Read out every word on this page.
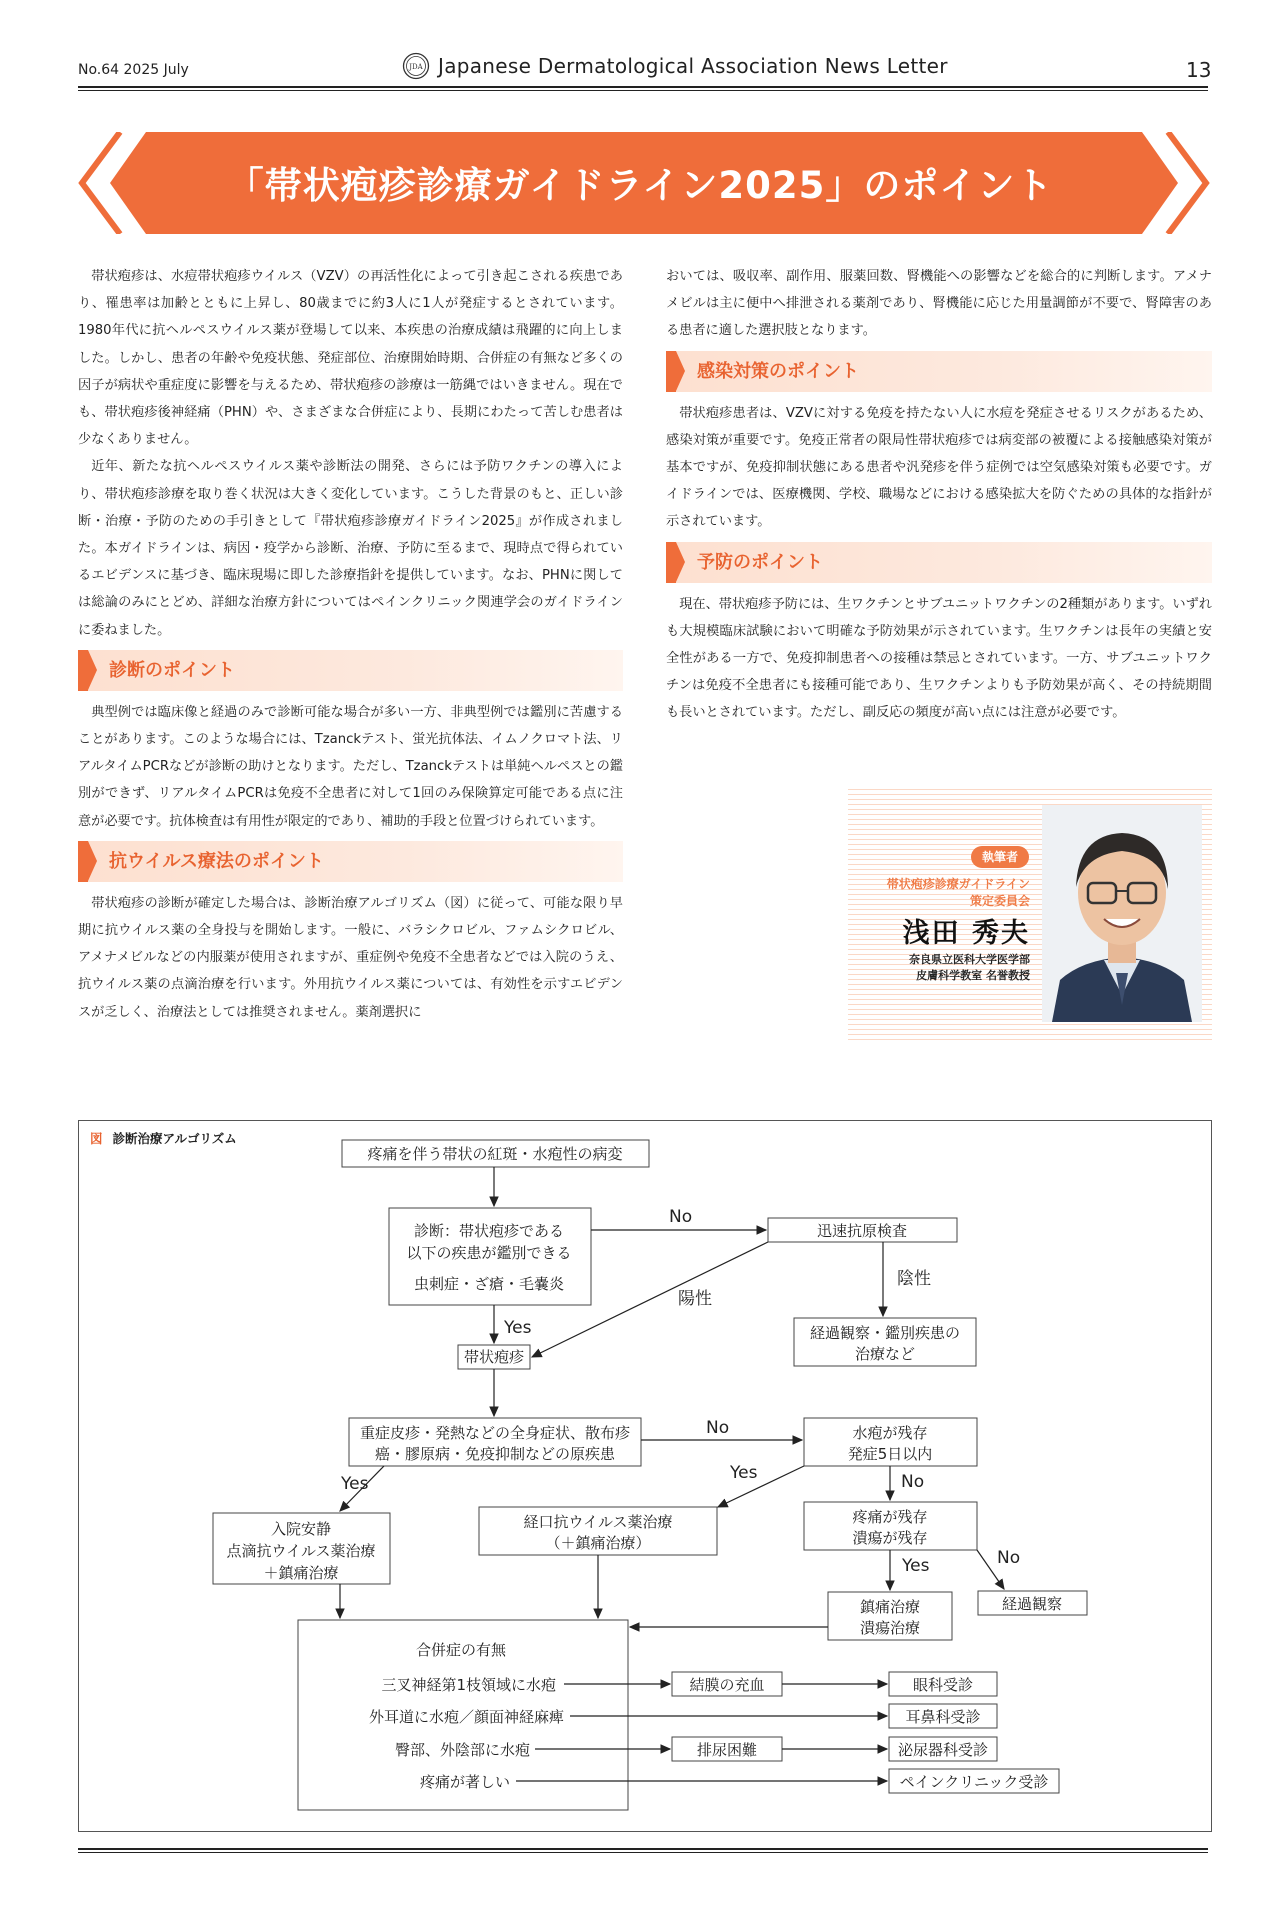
No.64 2025 July	JDA Japanese Dermatological Association News Letter	13
「帯状疱疹診療ガイドライン2025」のポイント

帯状疱疹は、水痘帯状疱疹ウイルス（VZV）の再活性化によって引き起こされる疾患であり、罹患率は加齢とともに上昇し、80歳までに約3人に1人が発症するとされています。1980年代に抗ヘルペスウイルス薬が登場して以来、本疾患の治療成績は飛躍的に向上しました。しかし、患者の年齢や免疫状態、発症部位、治療開始時期、合併症の有無など多くの因子が病状や重症度に影響を与えるため、帯状疱疹の診療は一筋縄ではいきません。現在でも、帯状疱疹後神経痛（PHN）や、さまざまな合併症により、長期にわたって苦しむ患者は少なくありません。

近年、新たな抗ヘルペスウイルス薬や診断法の開発、さらには予防ワクチンの導入により、帯状疱疹診療を取り巻く状況は大きく変化しています。こうした背景のもと、正しい診断・治療・予防のための手引きとして『帯状疱疹診療ガイドライン2025』が作成されました。本ガイドラインは、病因・疫学から診断、治療、予防に至るまで、現時点で得られているエビデンスに基づき、臨床現場に即した診療指針を提供しています。なお、PHNに関しては総論のみにとどめ、詳細な治療方針についてはペインクリニック関連学会のガイドラインに委ねました。

診断のポイント

典型例では臨床像と経過のみで診断可能な場合が多い一方、非典型例では鑑別に苦慮することがあります。このような場合には、Tzanckテスト、蛍光抗体法、イムノクロマト法、リアルタイムPCRなどが診断の助けとなります。ただし、Tzanckテストは単純ヘルペスとの鑑別ができず、リアルタイムPCRは免疫不全患者に対して1回のみ保険算定可能である点に注意が必要です。抗体検査は有用性が限定的であり、補助的手段と位置づけられています。

抗ウイルス療法のポイント

帯状疱疹の診断が確定した場合は、診断治療アルゴリズム（図）に従って、可能な限り早期に抗ウイルス薬の全身投与を開始します。一般に、バラシクロビル、ファムシクロビル、アメナメビルなどの内服薬が使用されますが、重症例や免疫不全患者などでは入院のうえ、抗ウイルス薬の点滴治療を行います。外用抗ウイルス薬については、有効性を示すエビデンスが乏しく、治療法としては推奨されません。薬剤選択に

おいては、吸収率、副作用、服薬回数、腎機能への影響などを総合的に判断します。アメナメビルは主に便中へ排泄される薬剤であり、腎機能に応じた用量調節が不要で、腎障害のある患者に適した選択肢となります。

感染対策のポイント

帯状疱疹患者は、VZVに対する免疫を持たない人に水痘を発症させるリスクがあるため、感染対策が重要です。免疫正常者の限局性帯状疱疹では病変部の被覆による接触感染対策が基本ですが、免疫抑制状態にある患者や汎発疹を伴う症例では空気感染対策も必要です。ガイドラインでは、医療機関、学校、職場などにおける感染拡大を防ぐための具体的な指針が示されています。

予防のポイント

現在、帯状疱疹予防には、生ワクチンとサブユニットワクチンの2種類があります。いずれも大規模臨床試験において明確な予防効果が示されています。生ワクチンは長年の実績と安全性がある一方で、免疫抑制患者への接種は禁忌とされています。一方、サブユニットワクチンは免疫不全患者にも接種可能であり、生ワクチンよりも予防効果が高く、その持続期間も長いとされています。ただし、副反応の頻度が高い点には注意が必要です。

執筆者
帯状疱疹診療ガイドライン
策定委員会
浅田 秀夫
奈良県立医科大学医学部
皮膚科学教室 名誉教授
図 診断治療アルゴリズム
疼痛を伴う帯状の紅斑・水疱性の病変
診断：帯状疱疹である
以下の疾患が鑑別できる
虫刺症・ざ瘡・毛嚢炎
迅速抗原検査
経過観察・鑑別疾患の
治療など
帯状疱疹
重症皮疹・発熱などの全身症状、散布疹
癌・膠原病・免疫抑制などの原疾患
水疱が残存
発症5日以内
入院安静
点滴抗ウイルス薬治療
＋鎮痛治療
経口抗ウイルス薬治療
（＋鎮痛治療）
疼痛が残存
潰瘍が残存
鎮痛治療
潰瘍治療
経過観察
合併症の有無
結膜の充血
排尿困難
眼科受診
耳鼻科受診
泌尿器科受診
ペインクリニック受診
三叉神経第1枝領域に水疱
外耳道に水疱／顔面神経麻痺
臀部、外陰部に水疱
疼痛が著しい
No
陰性
陽性
Yes
No
Yes
Yes	No
Yes	No
